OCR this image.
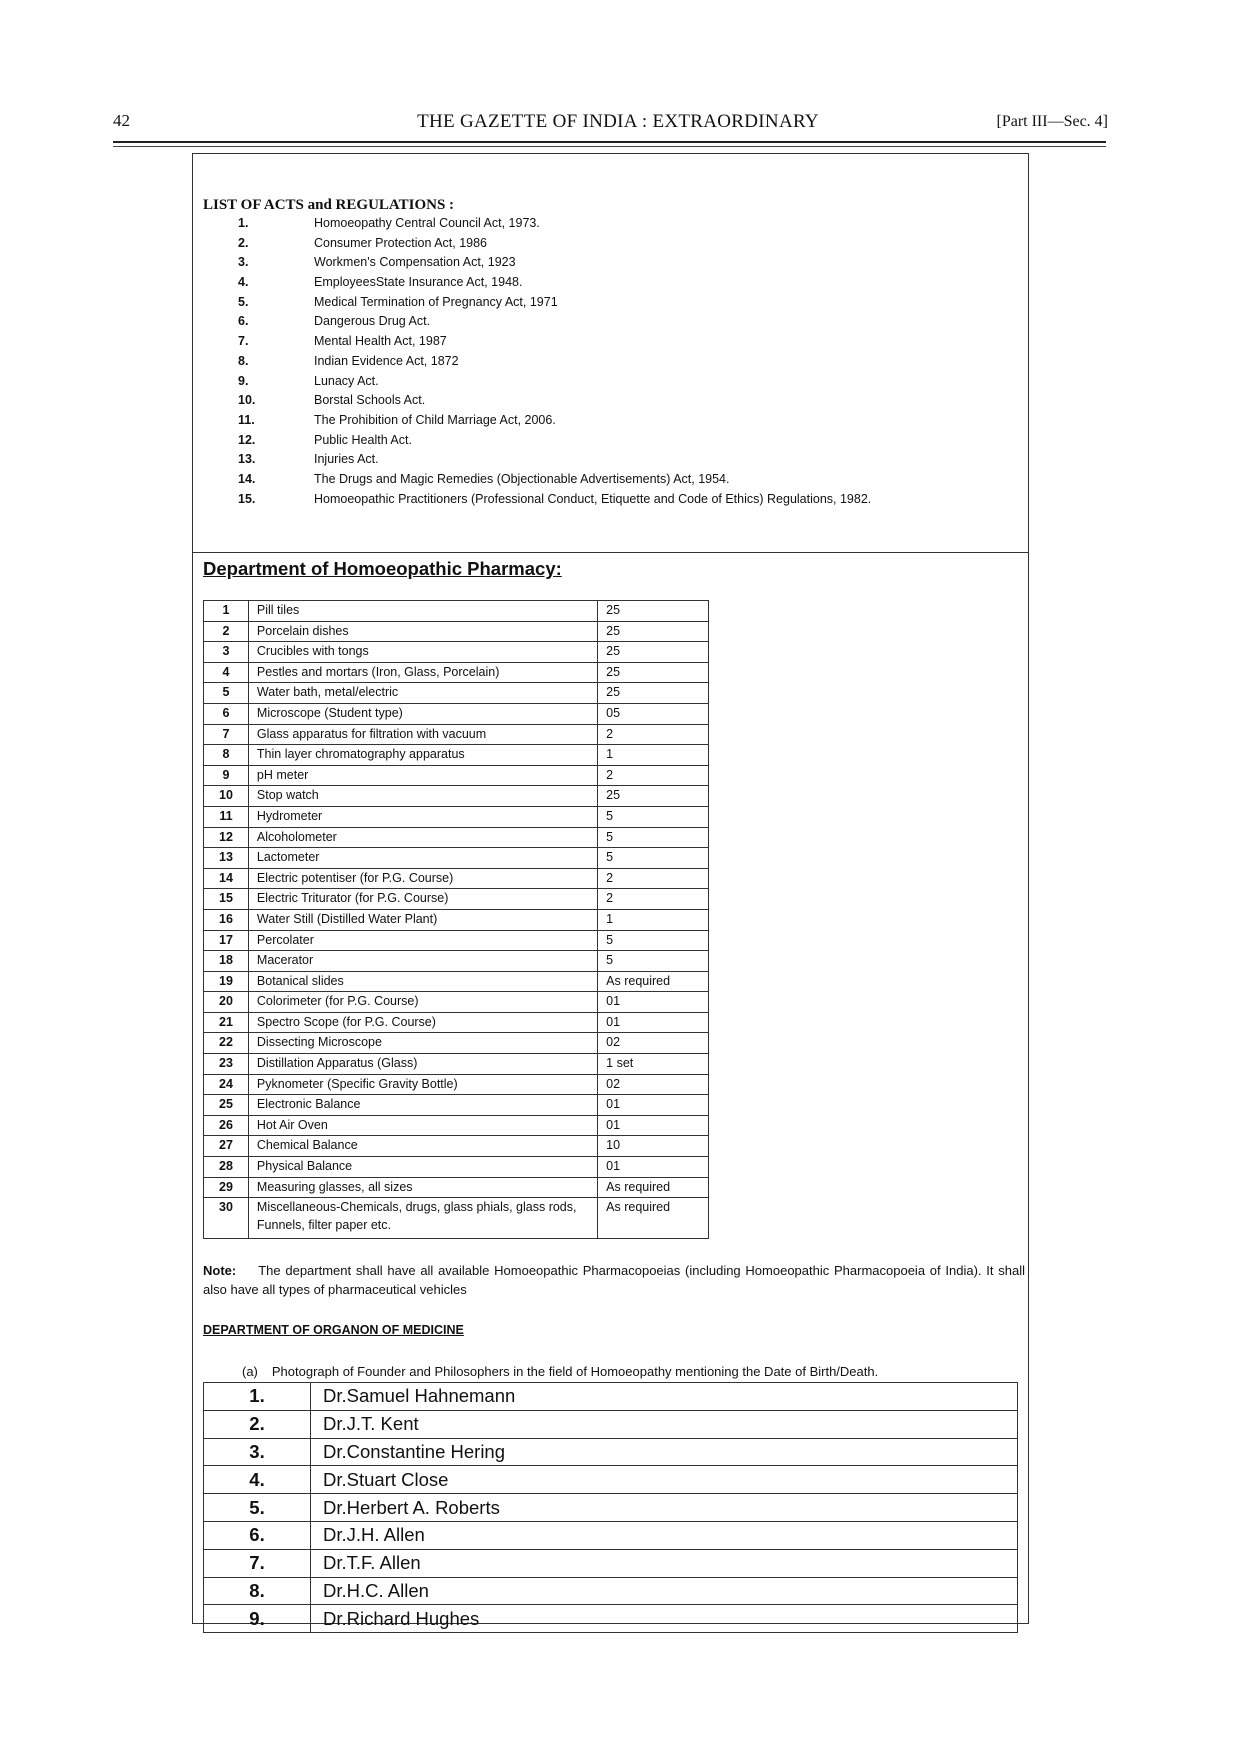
42	THE GAZETTE OF INDIA : EXTRAORDINARY	[Part III—Sec. 4]
LIST OF ACTS and REGULATIONS :
1.	Homoeopathy Central Council Act, 1973.
2.	Consumer Protection Act, 1986
3.	Workmen's Compensation Act, 1923
4.	EmployeesState Insurance Act, 1948.
5.	Medical Termination of Pregnancy Act, 1971
6.	Dangerous Drug Act.
7.	Mental Health Act, 1987
8.	Indian Evidence Act, 1872
9.	Lunacy Act.
10.	Borstal Schools Act.
11.	The Prohibition of Child Marriage Act, 2006.
12.	Public Health Act.
13.	Injuries Act.
14.	The Drugs and Magic Remedies (Objectionable Advertisements) Act, 1954.
15.	Homoeopathic Practitioners (Professional Conduct, Etiquette and Code of Ethics) Regulations, 1982.
Department of Homoeopathic Pharmacy:
1	Pill tiles	25
2	Porcelain dishes	25
3	Crucibles with tongs	25
4	Pestles and mortars (Iron, Glass, Porcelain)	25
5	Water bath, metal/electric	25
6	Microscope (Student type)	05
7	Glass apparatus for filtration with vacuum	2
8	Thin layer chromatography apparatus	1
9	pH meter	2
10	Stop watch	25
11	Hydrometer	5
12	Alcoholometer	5
13	Lactometer	5
14	Electric potentiser (for P.G. Course)	2
15	Electric Triturator (for P.G. Course)	2
16	Water Still (Distilled Water Plant)	1
17	Percolater	5
18	Macerator	5
19	Botanical slides	As required
20	Colorimeter (for P.G. Course)	01
21	Spectro Scope (for P.G. Course)	01
22	Dissecting Microscope	02
23	Distillation Apparatus (Glass)	1 set
24	Pyknometer (Specific Gravity Bottle)	02
25	Electronic Balance	01
26	Hot Air Oven	01
27	Chemical Balance	10
28	Physical Balance	01
29	Measuring glasses, all sizes	As required
30	Miscellaneous-Chemicals, drugs, glass phials, glass rods, Funnels, filter paper etc.	As required
Note: The department shall have all available Homoeopathic Pharmacopoeias (including Homoeopathic Pharmacopoeia of India). It shall also have all types of pharmaceutical vehicles
DEPARTMENT OF ORGANON OF MEDICINE
(a) Photograph of Founder and Philosophers in the field of Homoeopathy mentioning the Date of Birth/Death.
1.	Dr.Samuel Hahnemann
2.	Dr.J.T. Kent
3.	Dr.Constantine Hering
4.	Dr.Stuart Close
5.	Dr.Herbert A. Roberts
6.	Dr.J.H. Allen
7.	Dr.T.F. Allen
8.	Dr.H.C. Allen
9.	Dr.Richard Hughes
